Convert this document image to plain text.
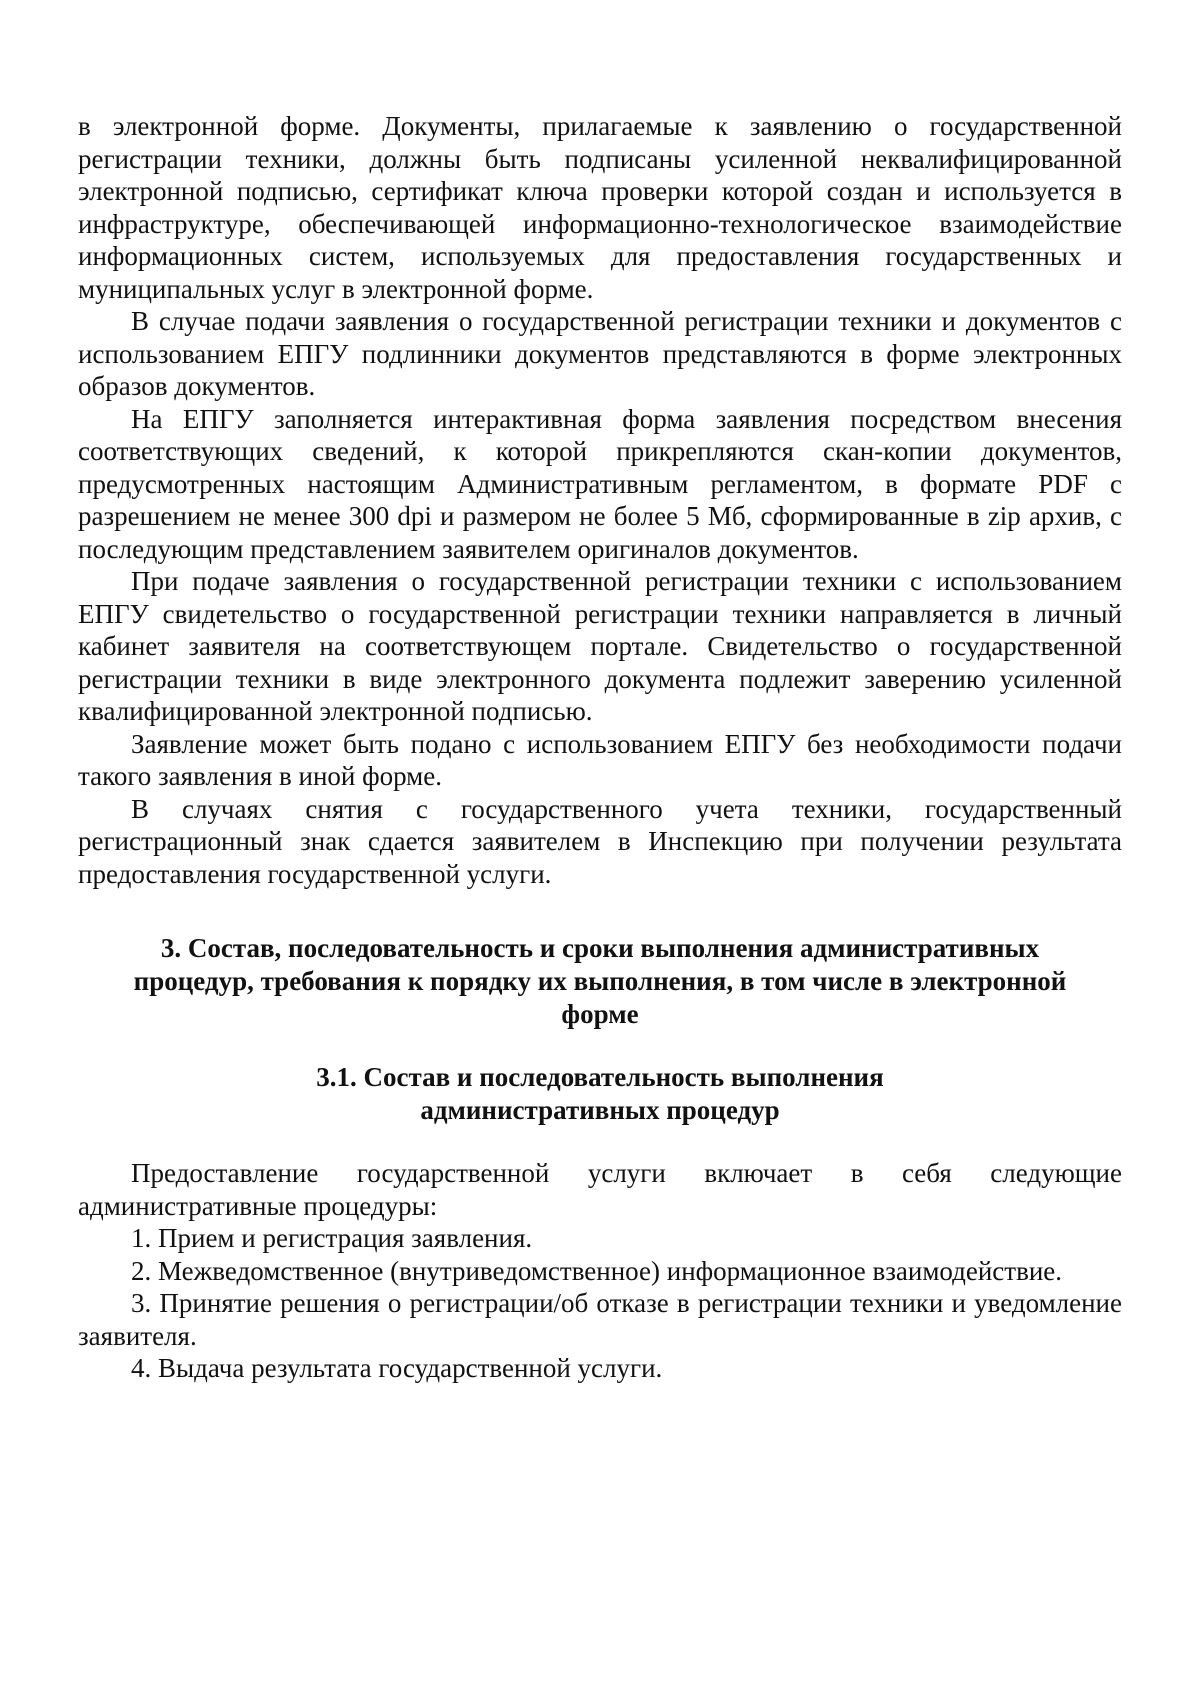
в электронной форме. Документы, прилагаемые к заявлению о государственной регистрации техники, должны быть подписаны усиленной неквалифицированной электронной подписью, сертификат ключа проверки которой создан и используется в инфраструктуре, обеспечивающей информационно-технологическое взаимодействие информационных систем, используемых для предоставления государственных и муниципальных услуг в электронной форме.

В случае подачи заявления о государственной регистрации техники и документов с использованием ЕПГУ подлинники документов представляются в форме электронных образов документов.

На ЕПГУ заполняется интерактивная форма заявления посредством внесения соответствующих сведений, к которой прикрепляются скан-копии документов, предусмотренных настоящим Административным регламентом, в формате PDF с разрешением не менее 300 dpi и размером не более 5 Мб, сформированные в zip архив, с последующим представлением заявителем оригиналов документов.

При подаче заявления о государственной регистрации техники с использованием ЕПГУ свидетельство о государственной регистрации техники направляется в личный кабинет заявителя на соответствующем портале. Свидетельство о государственной регистрации техники в виде электронного документа подлежит заверению усиленной квалифицированной электронной подписью.

Заявление может быть подано с использованием ЕПГУ без необходимости подачи такого заявления в иной форме.

В случаях снятия с государственного учета техники, государственный регистрационный знак сдается заявителем в Инспекцию при получении результата предоставления государственной услуги.

3. Состав, последовательность и сроки выполнения административных процедур, требования к порядку их выполнения, в том числе в электронной форме

3.1. Состав и последовательность выполнения административных процедур

Предоставление государственной услуги включает в себя следующие административные процедуры:

1. Прием и регистрация заявления.

2. Межведомственное (внутриведомственное) информационное взаимодействие.

3. Принятие решения о регистрации/об отказе в регистрации техники и уведомление заявителя.

4. Выдача результата государственной услуги.
